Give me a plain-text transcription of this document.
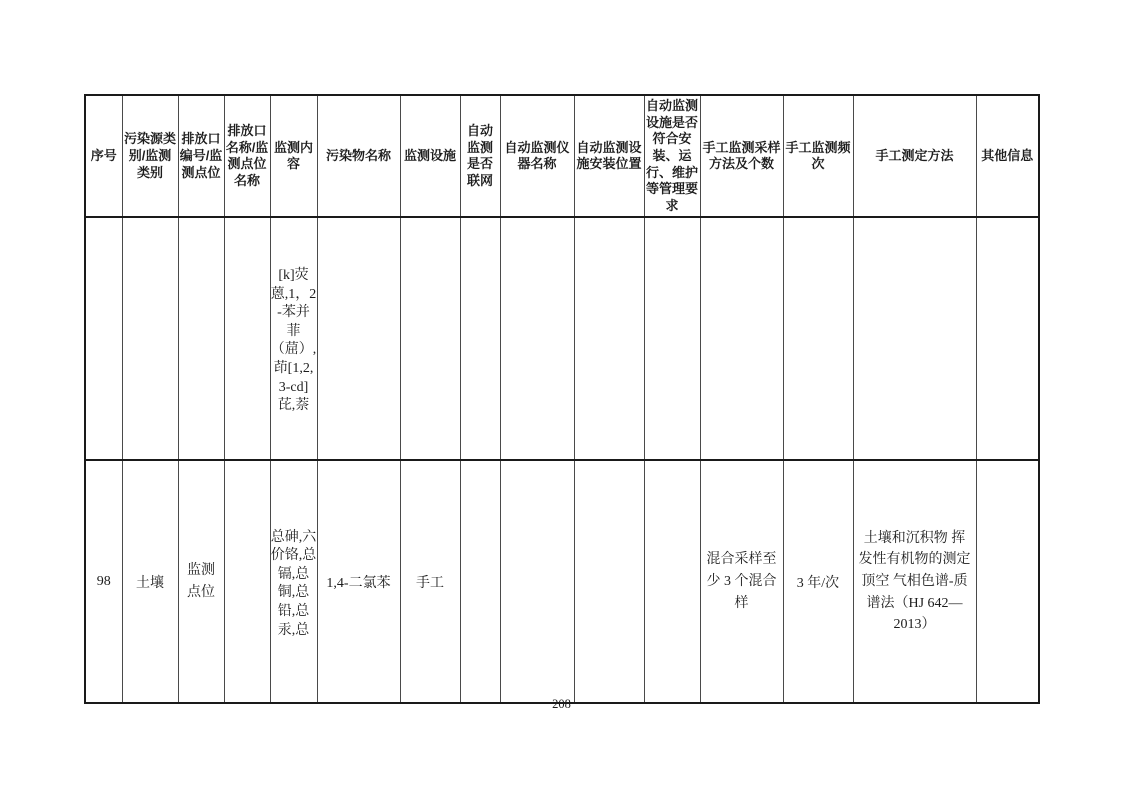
序号	污染源类别/监测类别	排放口编号/监测点位	排放口名称/监测点位名称	监测内容	污染物名称	监测设施	自动监测是否联网	自动监测仪器名称	自动监测设施安装位置	自动监测设施是否符合安装、运行、维护等管理要求	手工监测采样方法及个数	手工监测频次	手工测定方法	其他信息

				[k]荧蒽,1，2-苯并菲（䓛）,茚[1,2,3-cd]芘,萘										

98	土壤	监测点位		总砷,六价铬,总镉,总铜,总铅,总汞,总	1,4-二氯苯	手工					混合采样至少 3 个混合样	3 年/次	土壤和沉积物 挥发性有机物的测定 顶空 气相色谱-质谱法（HJ 642—2013）	

208
